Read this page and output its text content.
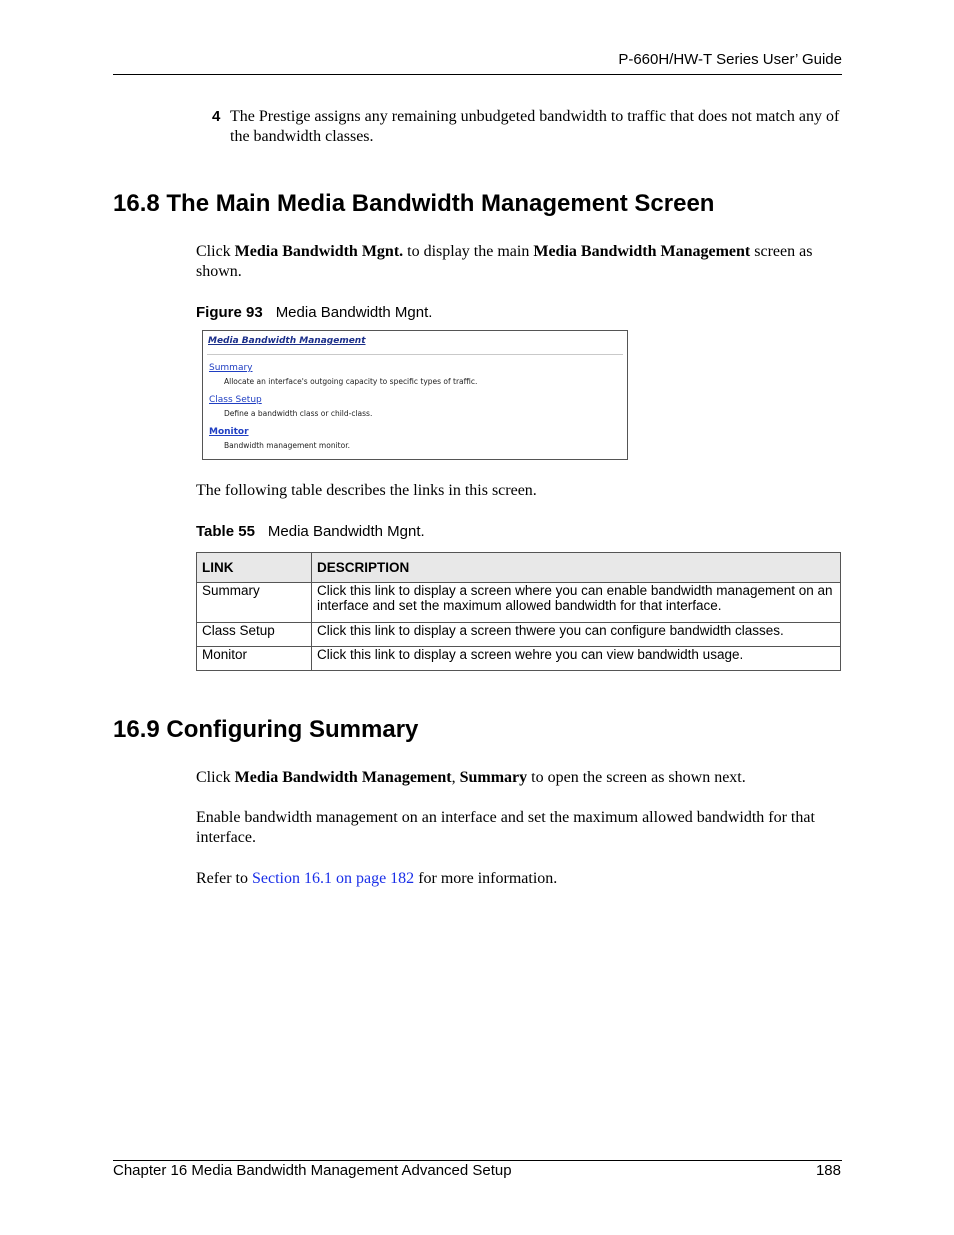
P-660H/HW-T Series User’ Guide
4 The Prestige assigns any remaining unbudgeted bandwidth to traffic that does not match any of the bandwidth classes.
16.8 The Main Media Bandwidth Management Screen
Click Media Bandwidth Mgnt. to display the main Media Bandwidth Management screen as shown.
Figure 93 Media Bandwidth Mgnt.
Media Bandwidth Management
Summary
Allocate an interface's outgoing capacity to specific types of traffic.
Class Setup
Define a bandwidth class or child-class.
Monitor
Bandwidth management monitor.
The following table describes the links in this screen.
Table 55 Media Bandwidth Mgnt.
LINK	DESCRIPTION
Summary	Click this link to display a screen where you can enable bandwidth management on an interface and set the maximum allowed bandwidth for that interface.
Class Setup	Click this link to display a screen thwere you can configure bandwidth classes.
Monitor	Click this link to display a screen wehre you can view bandwidth usage.
16.9 Configuring Summary
Click Media Bandwidth Management, Summary to open the screen as shown next.
Enable bandwidth management on an interface and set the maximum allowed bandwidth for that interface.
Refer to Section 16.1 on page 182 for more information.
Chapter 16 Media Bandwidth Management Advanced Setup	188
